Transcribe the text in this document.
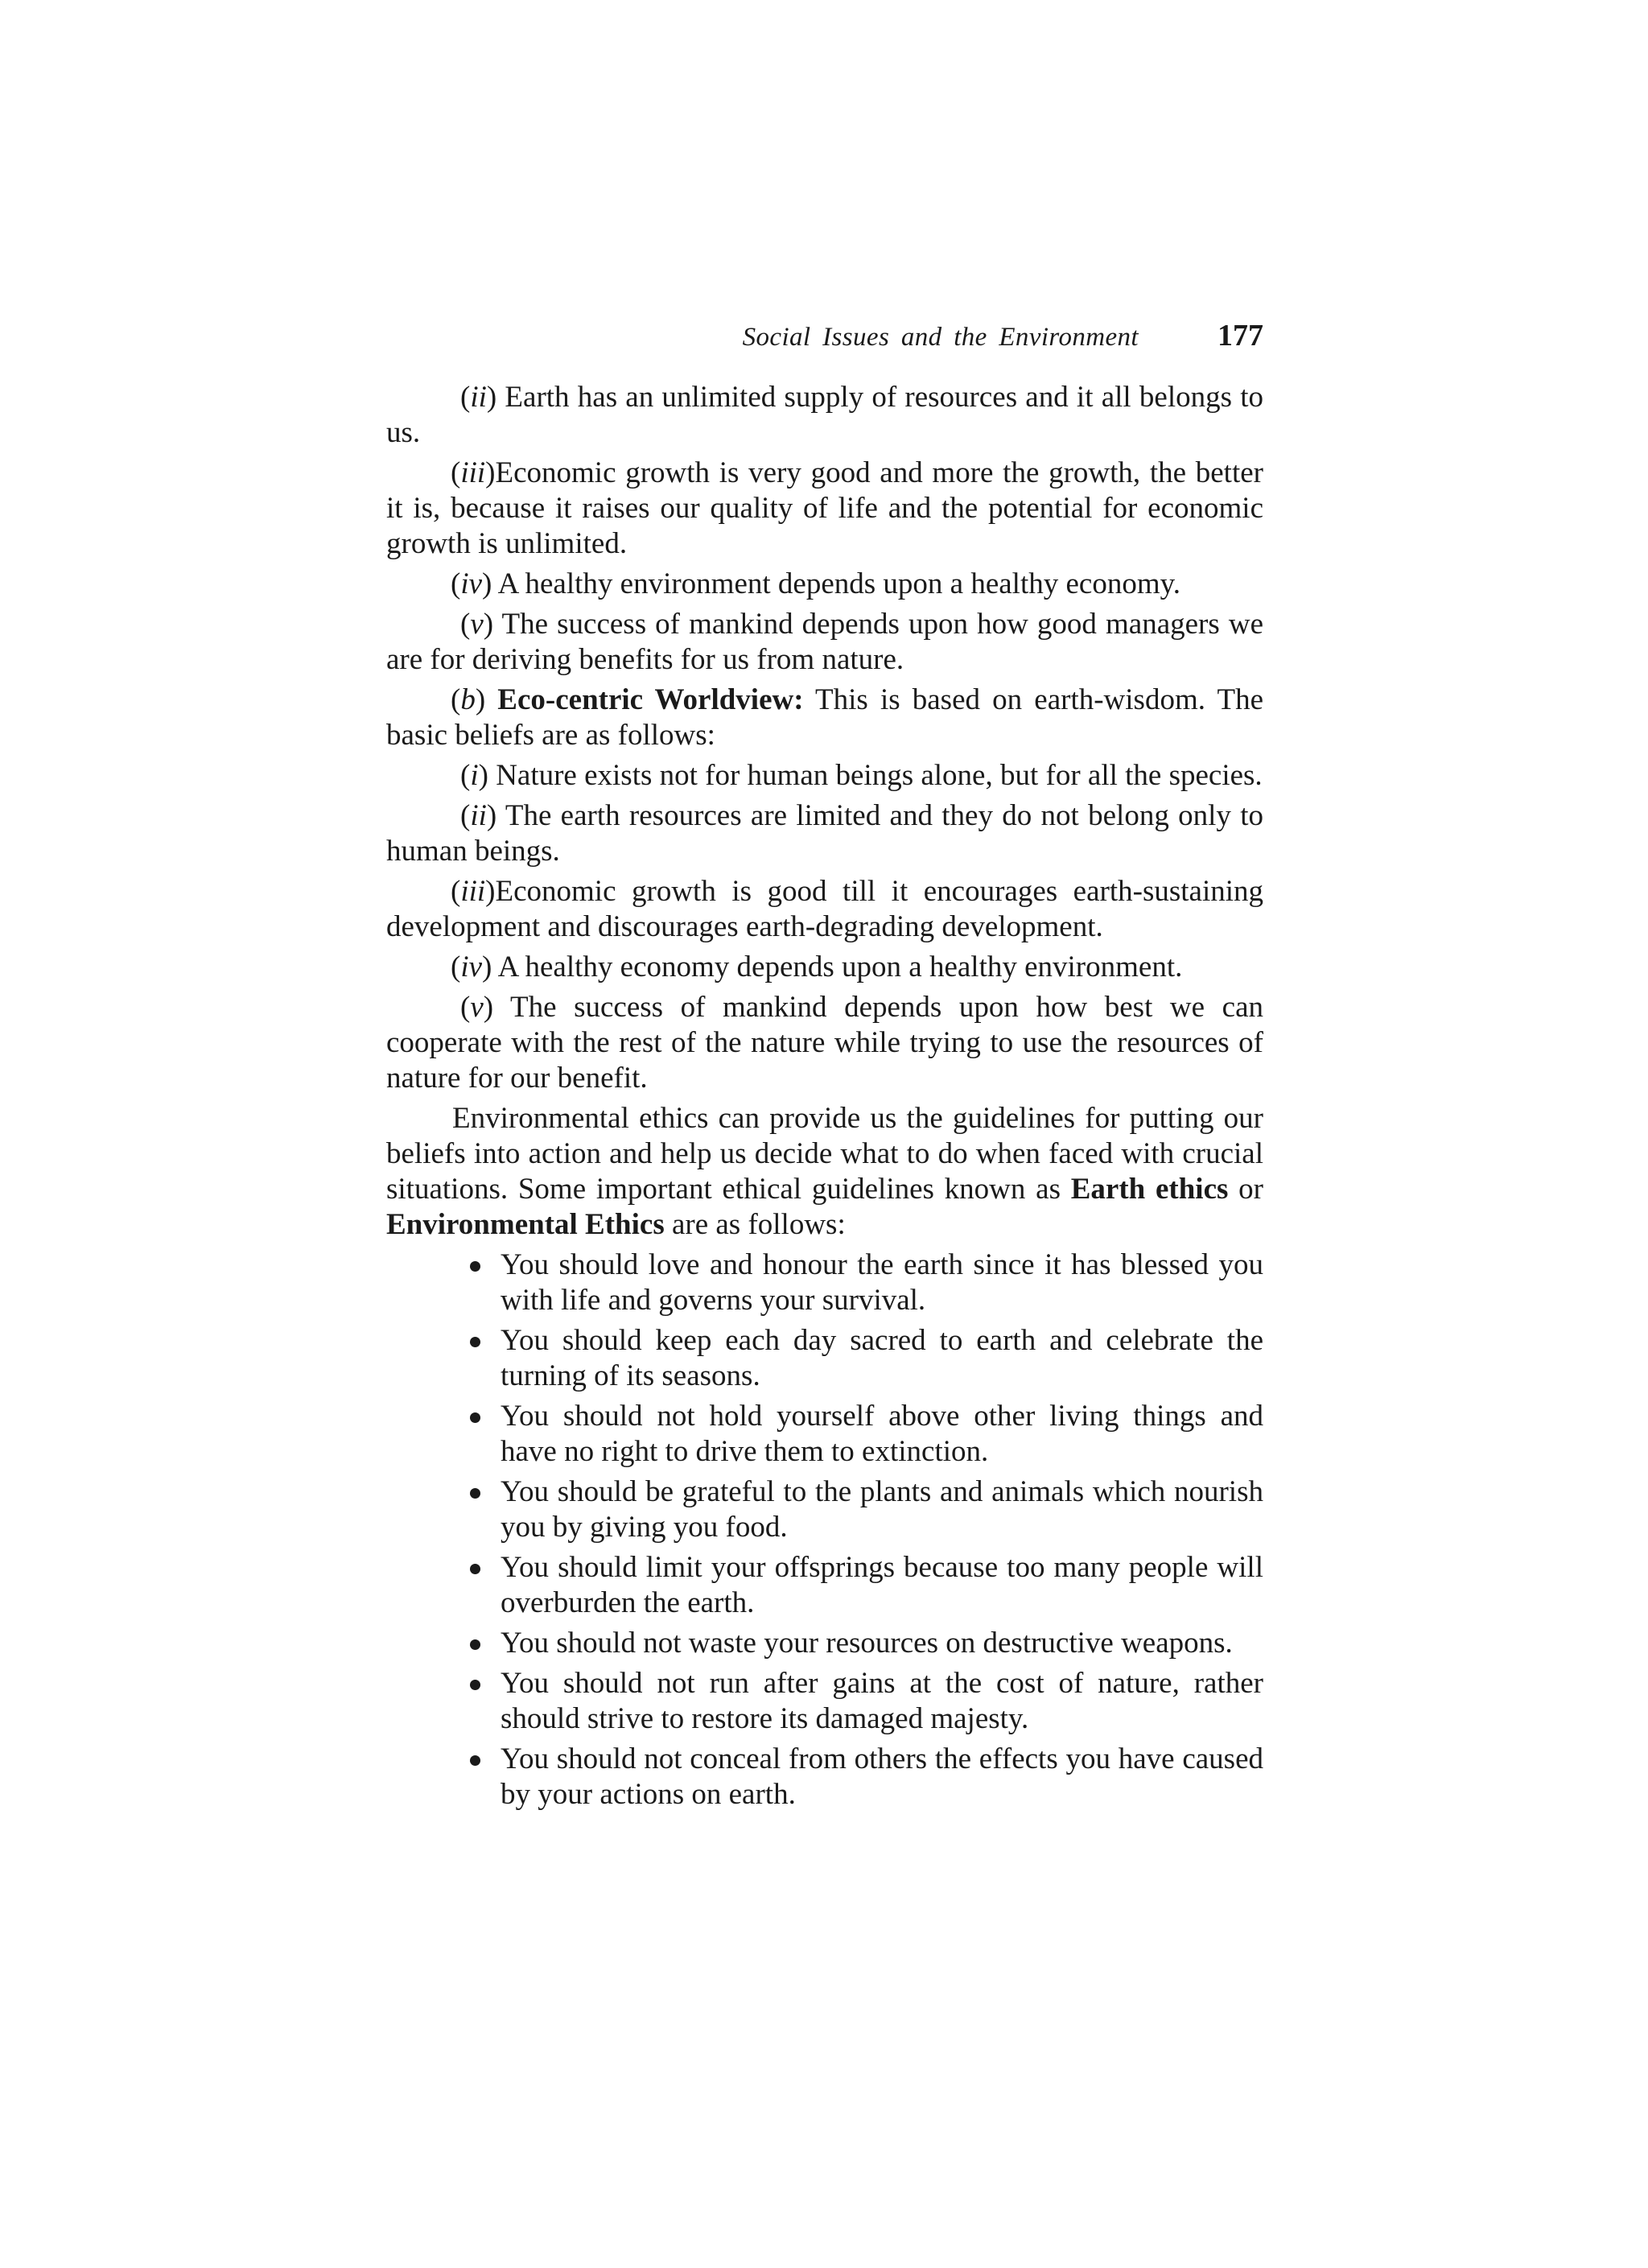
Social Issues and the Environment	177

(ii) Earth has an unlimited supply of resources and it all belongs to us.

(iii)Economic growth is very good and more the growth, the better it is, because it raises our quality of life and the potential for economic growth is unlimited.

(iv) A healthy environment depends upon a healthy economy.

(v) The success of mankind depends upon how good managers we are for deriving benefits for us from nature.

(b) Eco-centric Worldview: This is based on earth-wisdom. The basic beliefs are as follows:

(i) Nature exists not for human beings alone, but for all the species.

(ii) The earth resources are limited and they do not belong only to human beings.

(iii)Economic growth is good till it encourages earth-sustaining development and discourages earth-degrading development.

(iv) A healthy economy depends upon a healthy environment.

(v) The success of mankind depends upon how best we can cooperate with the rest of the nature while trying to use the resources of nature for our benefit.

Environmental ethics can provide us the guidelines for putting our beliefs into action and help us decide what to do when faced with crucial situations. Some important ethical guidelines known as Earth ethics or Environmental Ethics are as follows:

You should love and honour the earth since it has blessed you with life and governs your survival.
You should keep each day sacred to earth and celebrate the turning of its seasons.
You should not hold yourself above other living things and have no right to drive them to extinction.
You should be grateful to the plants and animals which nourish you by giving you food.
You should limit your offsprings because too many people will overburden the earth.
You should not waste your resources on destructive weapons.
You should not run after gains at the cost of nature, rather should strive to restore its damaged majesty.
You should not conceal from others the effects you have caused by your actions on earth.
